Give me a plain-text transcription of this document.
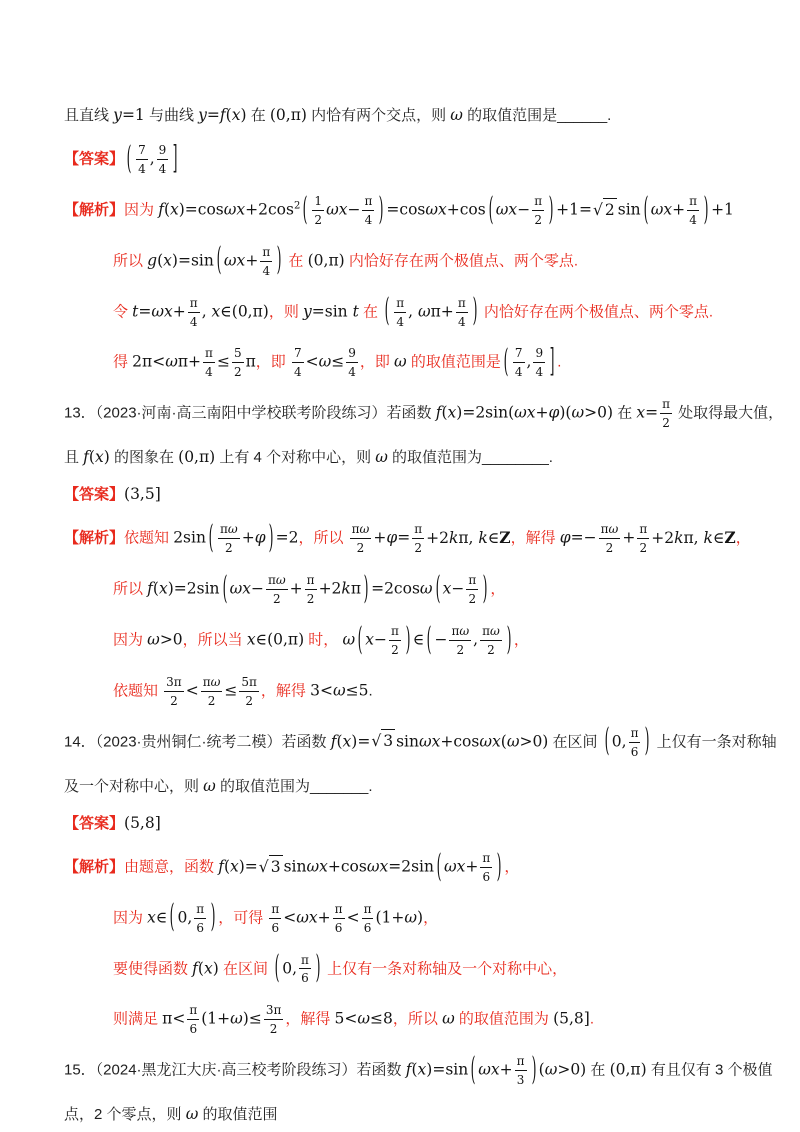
且直线 y=1 与曲线 y=f(x) 在 (0,π) 内恰有两个交点，则 ω 的取值范围是______.
【答案】 ( $\frac{7}{4}$ , $\frac{9}{4}$ ]
【解析】因为 $f(x)=\cos\omega x+2\cos^2$ ( $\frac{1}{2} \omega x- \frac{\pi}{4}$ ) =cosωx+cos ( $\omega x- \frac{\pi}{2}$ ) +1=√ 2 sin ( $\omega x+ \frac{\pi}{4}$ ) +1
所以 g(x)=sin ( $\omega x+ \frac{\pi}{4}$ ) 在 (0,π) 内恰好存在两个极值点、两个零点.
令 $t=\omega x+ \frac{\pi}{4}$ , x∈(0,π)，则 y=sin t 在 ( $\frac{\pi}{4}$ , $\omega\pi+ \frac{\pi}{4}$ ) 内恰好存在两个极值点、两个零点.
得 $2\pi<\omega\pi+ \frac{\pi}{4} \le \frac{5}{2}$ π，即 $\frac{7}{4} <\omega\le \frac{9}{4}$ ，即 ω 的取值范围是 ( $\frac{7}{4}$ , $\frac{9}{4}$ ] .
13．（2023·河南·高三南阳中学校联考阶段练习）若函数 f(x)=2sin(ωx+φ)(ω>0) 在 $x= \frac{\pi}{2}$ 处取得最大值，
且 f(x) 的图象在 (0,π) 上有 4 个对称中心，则 ω 的取值范围为________.
【答案】(3,5]
【解析】依题知 2sin ( $\frac{\pi\omega}{2} +\varphi$ ) =2，所以 $\frac{\pi\omega}{2} +\varphi= \frac{\pi}{2} +2k\pi$, k∈Z，解得 $\varphi=- \frac{\pi\omega}{2} + \frac{\pi}{2} +2k\pi$, k∈Z，
所以 f(x)=2sin ( $\omega x- \frac{\pi\omega}{2} + \frac{\pi}{2} +2k\pi$ ) =2cosω ( $x- \frac{\pi}{2}$ ) ，
因为 ω>0，所以当 x∈(0,π) 时， ω ( $x- \frac{\pi}{2}$ ) ∈ ( − $\frac{\pi\omega}{2}$ , $\frac{\pi\omega}{2}$ ) ，
依题知 $\frac{3\pi}{2} < \frac{\pi\omega}{2} \le \frac{5\pi}{2}$ ，解得 3<ω≤5.
14．（2023·贵州铜仁·统考二模）若函数 f(x)=√ 3 sinωx+cosωx(ω>0) 在区间 ( 0, $\frac{\pi}{6}$ ) 上仅有一条对称轴
及一个对称中心，则 ω 的取值范围为_______.
【答案】(5,8]
【解析】由题意，函数 f(x)=√ 3 sinωx+cosωx=2sin ( $\omega x+ \frac{\pi}{6}$ ) ，
因为 x∈ ( 0, $\frac{\pi}{6}$ ) ，可得 $\frac{\pi}{6} <\omega x+ \frac{\pi}{6} < \frac{\pi}{6} (1+\omega)$，
要使得函数 f(x) 在区间 ( 0, $\frac{\pi}{6}$ ) 上仅有一条对称轴及一个对称中心，
则满足 $\pi< \frac{\pi}{6} (1+\omega)\le \frac{3\pi}{2}$ ，解得 5<ω≤8，所以 ω 的取值范围为 (5,8].
15．（2024·黑龙江大庆·高三校考阶段练习）若函数 f(x)=sin ( $\omega x+ \frac{\pi}{3}$ ) (ω>0) 在 (0,π) 有且仅有 3 个极值
点，2 个零点，则 ω 的取值范围
